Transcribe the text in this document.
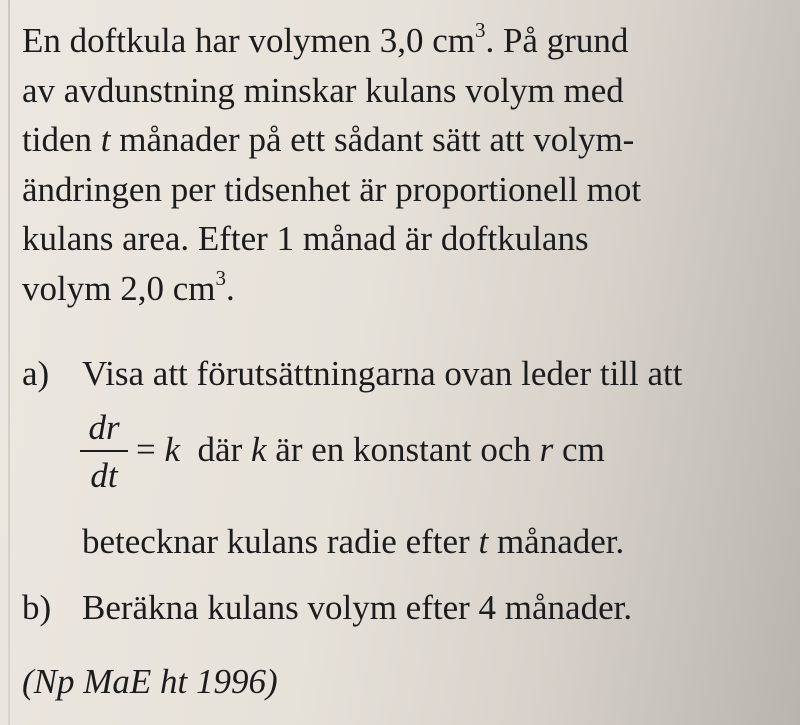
En doftkula har volymen 3,0 $cm^3$. På grund
av avdunstning minskar kulans volym med
tiden t månader på ett sådant sätt att volym-
ändringen per tidsenhet är proportionell mot
kulans area. Efter 1 månad är doftkulans
volym 2,0 $cm^3$.
a) Visa att förutsättningarna ovan leder till att
dr
dt
= k  där k är en konstant och r cm
betecknar kulans radie efter t månader.
b) Beräkna kulans volym efter 4 månader.
(Np MaE ht 1996)
